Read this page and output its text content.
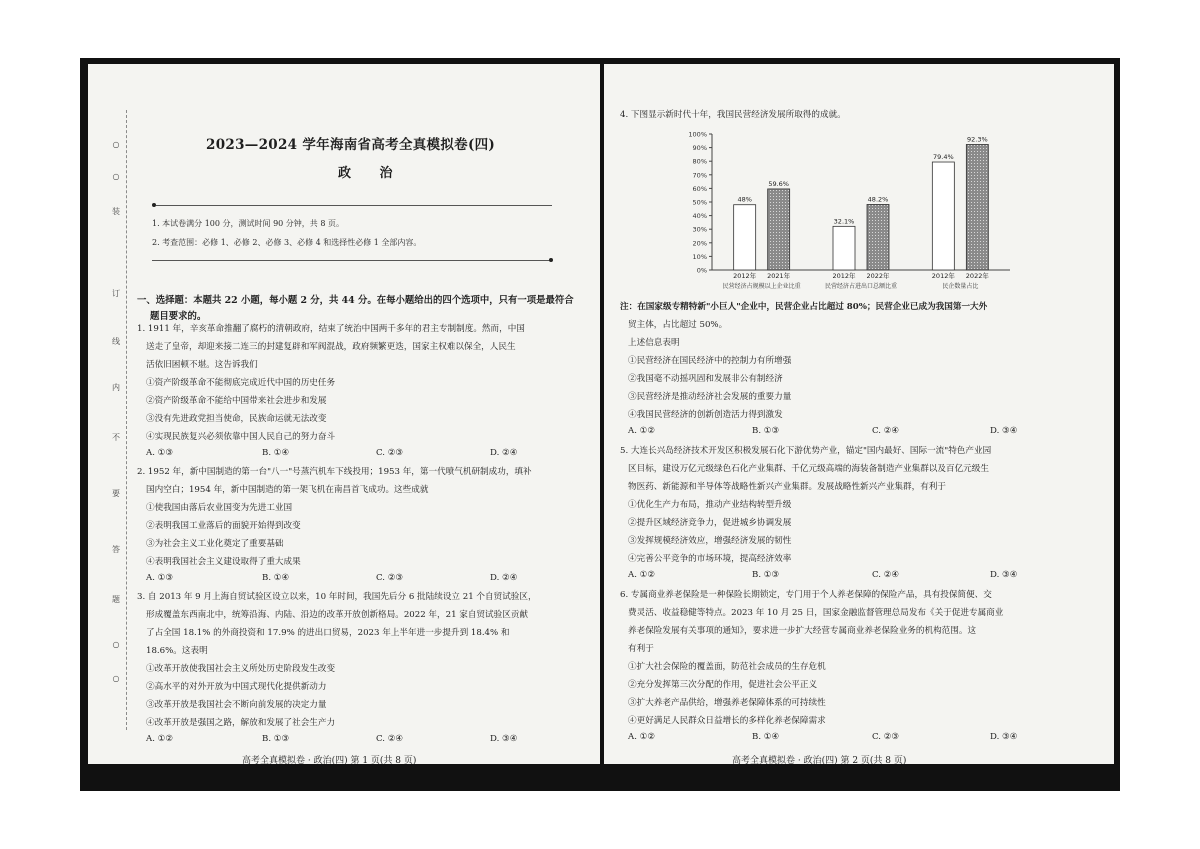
○
○
装
订
线
内
不
要
答
题
○
○
2023—2024 学年海南省高考全真模拟卷(四)
政 治
1. 本试卷满分 100 分，测试时间 90 分钟，共 8 页。
2. 考查范围：必修 1、必修 2、必修 3、必修 4 和选择性必修 1 全部内容。
一、选择题：本题共 22 小题，每小题 2 分，共 44 分。在每小题给出的四个选项中，只有一项是最符合
题目要求的。
1. 1911 年，辛亥革命推翻了腐朽的清朝政府，结束了统治中国两千多年的君主专制制度。然而，中国
送走了皇帝，却迎来接二连三的封建复辟和军阀混战，政府频繁更迭，国家主权难以保全，人民生
活依旧困顿不堪。这告诉我们
①资产阶级革命不能彻底完成近代中国的历史任务
②资产阶级革命不能给中国带来社会进步和发展
③没有先进政党担当使命，民族命运就无法改变
④实现民族复兴必须依靠中国人民自己的努力奋斗
A. ①③	B. ①④	C. ②③	D. ②④
2. 1952 年，新中国制造的第一台"八一"号蒸汽机车下线投用；1953 年，第一代喷气机研制成功，填补
国内空白；1954 年，新中国制造的第一架飞机在南昌首飞成功。这些成就
①使我国由落后农业国变为先进工业国
②表明我国工业落后的面貌开始得到改变
③为社会主义工业化奠定了重要基础
④表明我国社会主义建设取得了重大成果
A. ①③	B. ①④	C. ②③	D. ②④
3. 自 2013 年 9 月上海自贸试验区设立以来，10 年时间，我国先后分 6 批陆续设立 21 个自贸试验区，
形成覆盖东西南北中，统筹沿海、内陆、沿边的改革开放创新格局。2022 年，21 家自贸试验区贡献
了占全国 18.1% 的外商投资和 17.9% 的进出口贸易，2023 年上半年进一步提升到 18.4% 和
18.6%。这表明
①改革开放使我国社会主义所处历史阶段发生改变
②高水平的对外开放为中国式现代化提供新动力
③改革开放是我国社会不断向前发展的决定力量
④改革开放是强国之路，解放和发展了社会生产力
A. ①②	B. ①③	C. ②④	D. ③④
高考全真模拟卷 · 政治(四) 第 1 页(共 8 页)
4. 下图显示新时代十年，我国民营经济发展所取得的成就。
0%
10%
20%
30%
40%
50%
60%
70%
80%
90%
100%
48%
2012年
59.6%
2021年
民营经济占规模以上企业比重
32.1%
2012年
48.2%
2022年
民营经济占进出口总额比重
79.4%
2012年
92.3%
2022年
民企数量占比
注：在国家级专精特新"小巨人"企业中，民营企业占比超过 80%；民营企业已成为我国第一大外
贸主体，占比超过 50%。
上述信息表明
①民营经济在国民经济中的控制力有所增强
②我国毫不动摇巩固和发展非公有制经济
③民营经济是推动经济社会发展的重要力量
④我国民营经济的创新创造活力得到激发
A. ①②	B. ①③	C. ②④	D. ③④
5. 大连长兴岛经济技术开发区积极发展石化下游优势产业，锚定"国内最好、国际一流"特色产业园
区目标，建设万亿元级绿色石化产业集群、千亿元级高端的海装备制造产业集群以及百亿元级生
物医药、新能源和半导体等战略性新兴产业集群。发展战略性新兴产业集群，有利于
①优化生产力布局，推动产业结构转型升级
②提升区域经济竞争力，促进城乡协调发展
③发挥规模经济效应，增强经济发展的韧性
④完善公平竞争的市场环境，提高经济效率
A. ①②	B. ①③	C. ②④	D. ③④
6. 专属商业养老保险是一种保险长期锁定，专门用于个人养老保障的保险产品，具有投保简便、交
费灵活、收益稳健等特点。2023 年 10 月 25 日，国家金融监督管理总局发布《关于促进专属商业
养老保险发展有关事项的通知》，要求进一步扩大经营专属商业养老保险业务的机构范围。这
有利于
①扩大社会保险的覆盖面，防范社会成员的生存危机
②充分发挥第三次分配的作用，促进社会公平正义
③扩大养老产品供给，增强养老保障体系的可持续性
④更好满足人民群众日益增长的多样化养老保障需求
A. ①②	B. ①④	C. ②③	D. ③④
高考全真模拟卷 · 政治(四) 第 2 页(共 8 页)
